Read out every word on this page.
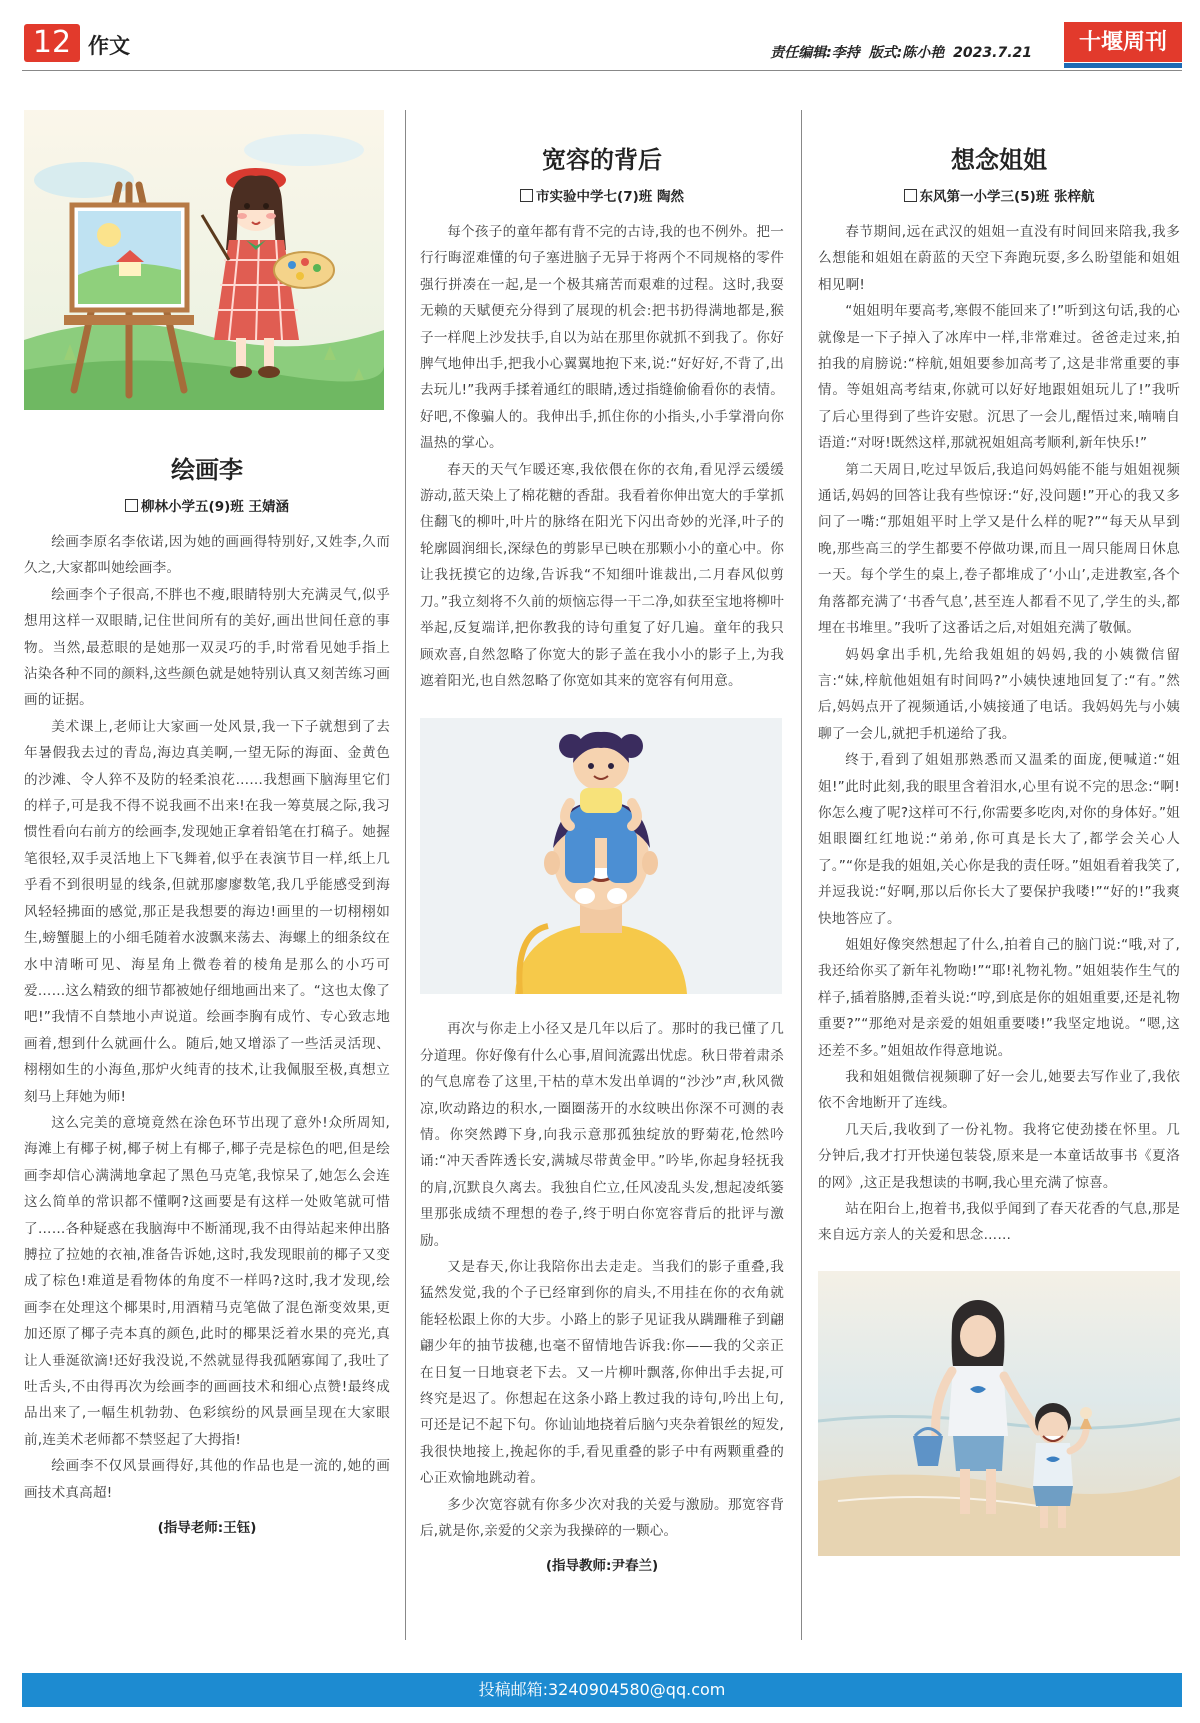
12 作文	责任编辑:李持 版式:陈小艳 2023.7.21	十堰周刊
绘画李
柳林小学五(9)班 王婧涵

绘画李原名李依诺,因为她的画画得特别好,又姓李,久而久之,大家都叫她绘画李。

绘画李个子很高,不胖也不瘦,眼睛特别大充满灵气,似乎想用这样一双眼睛,记住世间所有的美好,画出世间任意的事物。当然,最惹眼的是她那一双灵巧的手,时常看见她手指上沾染各种不同的颜料,这些颜色就是她特别认真又刻苦练习画画的证据。

美术课上,老师让大家画一处风景,我一下子就想到了去年暑假我去过的青岛,海边真美啊,一望无际的海面、金黄色的沙滩、令人猝不及防的轻柔浪花……我想画下脑海里它们的样子,可是我不得不说我画不出来!在我一筹莫展之际,我习惯性看向右前方的绘画李,发现她正拿着铅笔在打稿子。她握笔很轻,双手灵活地上下飞舞着,似乎在表演节目一样,纸上几乎看不到很明显的线条,但就那廖廖数笔,我几乎能感受到海风轻轻拂面的感觉,那正是我想要的海边!画里的一切栩栩如生,螃蟹腿上的小细毛随着水波飘来荡去、海螺上的细条纹在水中清晰可见、海星角上微卷着的棱角是那么的小巧可爱……这么精致的细节都被她仔细地画出来了。“这也太像了吧!”我情不自禁地小声说道。绘画李胸有成竹、专心致志地画着,想到什么就画什么。随后,她又增添了一些活灵活现、栩栩如生的小海鱼,那炉火纯青的技术,让我佩服至极,真想立刻马上拜她为师!

这么完美的意境竟然在涂色环节出现了意外!众所周知,海滩上有椰子树,椰子树上有椰子,椰子壳是棕色的吧,但是绘画李却信心满满地拿起了黑色马克笔,我惊呆了,她怎么会连这么简单的常识都不懂啊?这画要是有这样一处败笔就可惜了……各种疑惑在我脑海中不断涌现,我不由得站起来伸出胳膊拉了拉她的衣袖,准备告诉她,这时,我发现眼前的椰子又变成了棕色!难道是看物体的角度不一样吗?这时,我才发现,绘画李在处理这个椰果时,用酒精马克笔做了混色渐变效果,更加还原了椰子壳本真的颜色,此时的椰果泛着水果的亮光,真让人垂涎欲滴!还好我没说,不然就显得我孤陋寡闻了,我吐了吐舌头,不由得再次为绘画李的画画技术和细心点赞!最终成品出来了,一幅生机勃勃、色彩缤纷的风景画呈现在大家眼前,连美术老师都不禁竖起了大拇指!

绘画李不仅风景画得好,其他的作品也是一流的,她的画画技术真高超!

(指导老师:王钰)
宽容的背后
市实验中学七(7)班 陶然

每个孩子的童年都有背不完的古诗,我的也不例外。把一行行晦涩难懂的句子塞进脑子无异于将两个不同规格的零件强行拼凑在一起,是一个极其痛苦而艰难的过程。这时,我耍无赖的天赋便充分得到了展现的机会:把书扔得满地都是,猴子一样爬上沙发扶手,自以为站在那里你就抓不到我了。你好脾气地伸出手,把我小心翼翼地抱下来,说:“好好好,不背了,出去玩儿!”我两手揉着通红的眼睛,透过指缝偷偷看你的表情。好吧,不像骗人的。我伸出手,抓住你的小指头,小手掌滑向你温热的掌心。

春天的天气乍暖还寒,我依偎在你的衣角,看见浮云缓缓游动,蓝天染上了棉花糖的香甜。我看着你伸出宽大的手掌抓住翻飞的柳叶,叶片的脉络在阳光下闪出奇妙的光泽,叶子的轮廓圆润细长,深绿色的剪影早已映在那颗小小的童心中。你让我抚摸它的边缘,告诉我“不知细叶谁裁出,二月春风似剪刀。”我立刻将不久前的烦恼忘得一干二净,如获至宝地将柳叶举起,反复端详,把你教我的诗句重复了好几遍。童年的我只顾欢喜,自然忽略了你宽大的影子盖在我小小的影子上,为我遮着阳光,也自然忽略了你宽如其来的宽容有何用意。

再次与你走上小径又是几年以后了。那时的我已懂了几分道理。你好像有什么心事,眉间流露出忧虑。秋日带着肃杀的气息席卷了这里,干枯的草木发出单调的“沙沙”声,秋风微凉,吹动路边的积水,一圈圈荡开的水纹映出你深不可测的表情。你突然蹲下身,向我示意那孤独绽放的野菊花,怆然吟诵:“冲天香阵透长安,满城尽带黄金甲。”吟毕,你起身轻抚我的肩,沉默良久离去。我独自伫立,任风凌乱头发,想起凌纸篓里那张成绩不理想的卷子,终于明白你宽容背后的批评与激励。

又是春天,你让我陪你出去走走。当我们的影子重叠,我猛然发觉,我的个子已经窜到你的肩头,不用挂在你的衣角就能轻松跟上你的大步。小路上的影子见证我从蹒跚稚子到翩翩少年的抽节拔穗,也毫不留情地告诉我:你——我的父亲正在日复一日地衰老下去。又一片柳叶飘落,你伸出手去捉,可终究是迟了。你想起在这条小路上教过我的诗句,吟出上句,可还是记不起下句。你讪讪地挠着后脑勺夹杂着银丝的短发,我很快地接上,挽起你的手,看见重叠的影子中有两颗重叠的心正欢愉地跳动着。

多少次宽容就有你多少次对我的关爱与激励。那宽容背后,就是你,亲爱的父亲为我操碎的一颗心。

(指导教师:尹春兰)
想念姐姐
东风第一小学三(5)班 张梓航

春节期间,远在武汉的姐姐一直没有时间回来陪我,我多么想能和姐姐在蔚蓝的天空下奔跑玩耍,多么盼望能和姐姐相见啊!

“姐姐明年要高考,寒假不能回来了!”听到这句话,我的心就像是一下子掉入了冰库中一样,非常难过。爸爸走过来,拍拍我的肩膀说:“梓航,姐姐要参加高考了,这是非常重要的事情。等姐姐高考结束,你就可以好好地跟姐姐玩儿了!”我听了后心里得到了些许安慰。沉思了一会儿,醒悟过来,喃喃自语道:“对呀!既然这样,那就祝姐姐高考顺利,新年快乐!”

第二天周日,吃过早饭后,我追问妈妈能不能与姐姐视频通话,妈妈的回答让我有些惊讶:“好,没问题!”开心的我又多问了一嘴:“那姐姐平时上学又是什么样的呢?”“每天从早到晚,那些高三的学生都要不停做功课,而且一周只能周日休息一天。每个学生的桌上,卷子都堆成了‘小山’,走进教室,各个角落都充满了‘书香气息’,甚至连人都看不见了,学生的头,都埋在书堆里。”我听了这番话之后,对姐姐充满了敬佩。

妈妈拿出手机,先给我姐姐的妈妈,我的小姨微信留言:“妹,梓航他姐姐有时间吗?”小姨快速地回复了:“有。”然后,妈妈点开了视频通话,小姨接通了电话。我妈妈先与小姨聊了一会儿,就把手机递给了我。

终于,看到了姐姐那熟悉而又温柔的面庞,便喊道:“姐姐!”此时此刻,我的眼里含着泪水,心里有说不完的思念:“啊!你怎么瘦了呢?这样可不行,你需要多吃肉,对你的身体好。”姐姐眼圈红红地说:“弟弟,你可真是长大了,都学会关心人了。”“你是我的姐姐,关心你是我的责任呀。”姐姐看着我笑了,并逗我说:“好啊,那以后你长大了要保护我喽!”“好的!”我爽快地答应了。

姐姐好像突然想起了什么,拍着自己的脑门说:“哦,对了,我还给你买了新年礼物呦!”“耶!礼物礼物。”姐姐装作生气的样子,插着胳膊,歪着头说:“哼,到底是你的姐姐重要,还是礼物重要?”“那绝对是亲爱的姐姐重要喽!”我坚定地说。“嗯,这还差不多。”姐姐故作得意地说。

我和姐姐微信视频聊了好一会儿,她要去写作业了,我依依不舍地断开了连线。

几天后,我收到了一份礼物。我将它使劲搂在怀里。几分钟后,我才打开快递包装袋,原来是一本童话故事书《夏洛的网》,这正是我想读的书啊,我心里充满了惊喜。

站在阳台上,抱着书,我似乎闻到了春天花香的气息,那是来自远方亲人的关爱和思念……

投稿邮箱:3240904580@qq.com
